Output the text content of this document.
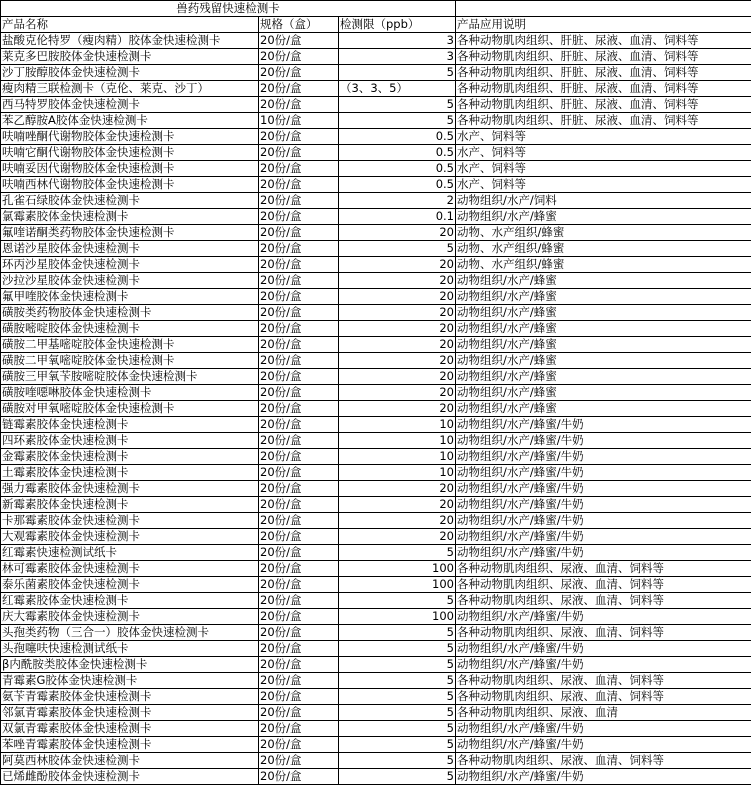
兽药残留快速检测卡			
产品名称	规格（盒）	检测限（ppb）	产品应用说明
盐酸克伦特罗（瘦肉精）胶体金快速检测卡	20份/盒	3	各种动物肌肉组织、肝脏、尿液、血清、饲料等
莱克多巴胺胶体金快速检测卡	20份/盒	3	各种动物肌肉组织、肝脏、尿液、血清、饲料等
沙丁胺醇胶体金快速检测卡	20份/盒	5	各种动物肌肉组织、肝脏、尿液、血清、饲料等
瘦肉精三联检测卡（克伦、莱克、沙丁）	20份/盒	（3、3、5）	各种动物肌肉组织、肝脏、尿液、血清、饲料等
西马特罗胶体金快速检测卡	20份/盒	5	各种动物肌肉组织、肝脏、尿液、血清、饲料等
苯乙醇胺A胶体金快速检测卡	10份/盒	5	各种动物肌肉组织、肝脏、尿液、血清、饲料等
呋喃唑酮代谢物胶体金快速检测卡	20份/盒	0.5	水产、饲料等
呋喃它酮代谢物胶体金快速检测卡	20份/盒	0.5	水产、饲料等
呋喃妥因代谢物胶体金快速检测卡	20份/盒	0.5	水产、饲料等
呋喃西林代谢物胶体金快速检测卡	20份/盒	0.5	水产、饲料等
孔雀石绿胶体金快速检测卡	20份/盒	2	动物组织/水产/饲料
氯霉素胶体金快速检测卡	20份/盒	0.1	动物组织/水产/蜂蜜
氟喹诺酮类药物胶体金快速检测卡	20份/盒	20	动物、水产组织/蜂蜜
恩诺沙星胶体金快速检测卡	20份/盒	5	动物、水产组织/蜂蜜
环丙沙星胶体金快速检测卡	20份/盒	20	动物、水产组织/蜂蜜
沙拉沙星胶体金快速检测卡	20份/盒	20	动物组织/水产/蜂蜜
氟甲喹胶体金快速检测卡	20份/盒	20	动物组织/水产/蜂蜜
磺胺类药物胶体金快速检测卡	20份/盒	20	动物组织/水产/蜂蜜
磺胺嘧啶胶体金快速检测卡	20份/盒	20	动物组织/水产/蜂蜜
磺胺二甲基嘧啶胶体金快速检测卡	20份/盒	20	动物组织/水产/蜂蜜
磺胺二甲氧嘧啶胶体金快速检测卡	20份/盒	20	动物组织/水产/蜂蜜
磺胺三甲氧苄胺嘧啶胶体金快速检测卡	20份/盒	20	动物组织/水产/蜂蜜
磺胺喹噁啉胶体金快速检测卡	20份/盒	20	动物组织/水产/蜂蜜
磺胺对甲氧嘧啶胶体金快速检测卡	20份/盒	20	动物组织/水产/蜂蜜
链霉素胶体金快速检测卡	20份/盒	10	动物组织/水产/蜂蜜/牛奶
四环素胶体金快速检测卡	20份/盒	10	动物组织/水产/蜂蜜/牛奶
金霉素胶体金快速检测卡	20份/盒	10	动物组织/水产/蜂蜜/牛奶
土霉素胶体金快速检测卡	20份/盒	10	动物组织/水产/蜂蜜/牛奶
强力霉素胶体金快速检测卡	20份/盒	20	动物组织/水产/蜂蜜/牛奶
新霉素胶体金快速检测卡	20份/盒	20	动物组织/水产/蜂蜜/牛奶
卡那霉素胶体金快速检测卡	20份/盒	20	动物组织/水产/蜂蜜/牛奶
大观霉素胶体金快速检测卡	20份/盒	20	动物组织/水产/蜂蜜/牛奶
红霉素快速检测试纸卡	20份/盒	5	动物组织/水产/蜂蜜/牛奶
林可霉素胶体金快速检测卡	20份/盒	100	各种动物肌肉组织、尿液、血清、饲料等
泰乐菌素胶体金快速检测卡	20份/盒	100	各种动物肌肉组织、尿液、血清、饲料等
红霉素胶体金快速检测卡	20份/盒	5	各种动物肌肉组织、尿液、血清、饲料等
庆大霉素胶体金快速检测卡	20份/盒	100	动物组织/水产/蜂蜜/牛奶
头孢类药物（三合一）胶体金快速检测卡	20份/盒	5	各种动物肌肉组织、尿液、血清、饲料等
头孢噻呋快速检测试纸卡	20份/盒	5	动物组织/水产/蜂蜜/牛奶
β内酰胺类胶体金快速检测卡	20份/盒	5	动物组织/水产/蜂蜜/牛奶
青霉素G胶体金快速检测卡	20份/盒	5	各种动物肌肉组织、尿液、血清、饲料等
氨苄青霉素胶体金快速检测卡	20份/盒	5	各种动物肌肉组织、尿液、血清、饲料等
邻氯青霉素胶体金快速检测卡	20份/盒	5	各种动物肌肉组织、尿液、血清
双氯青霉素胶体金快速检测卡	20份/盒	5	动物组织/水产/蜂蜜/牛奶
苯唑青霉素胶体金快速检测卡	20份/盒	5	动物组织/水产/蜂蜜/牛奶
阿莫西林胶体金快速检测卡	20份/盒	5	各种动物肌肉组织、尿液、血清、饲料等
已烯雌酚胶体金快速检测卡	20份/盒	5	动物组织/水产/蜂蜜/牛奶
